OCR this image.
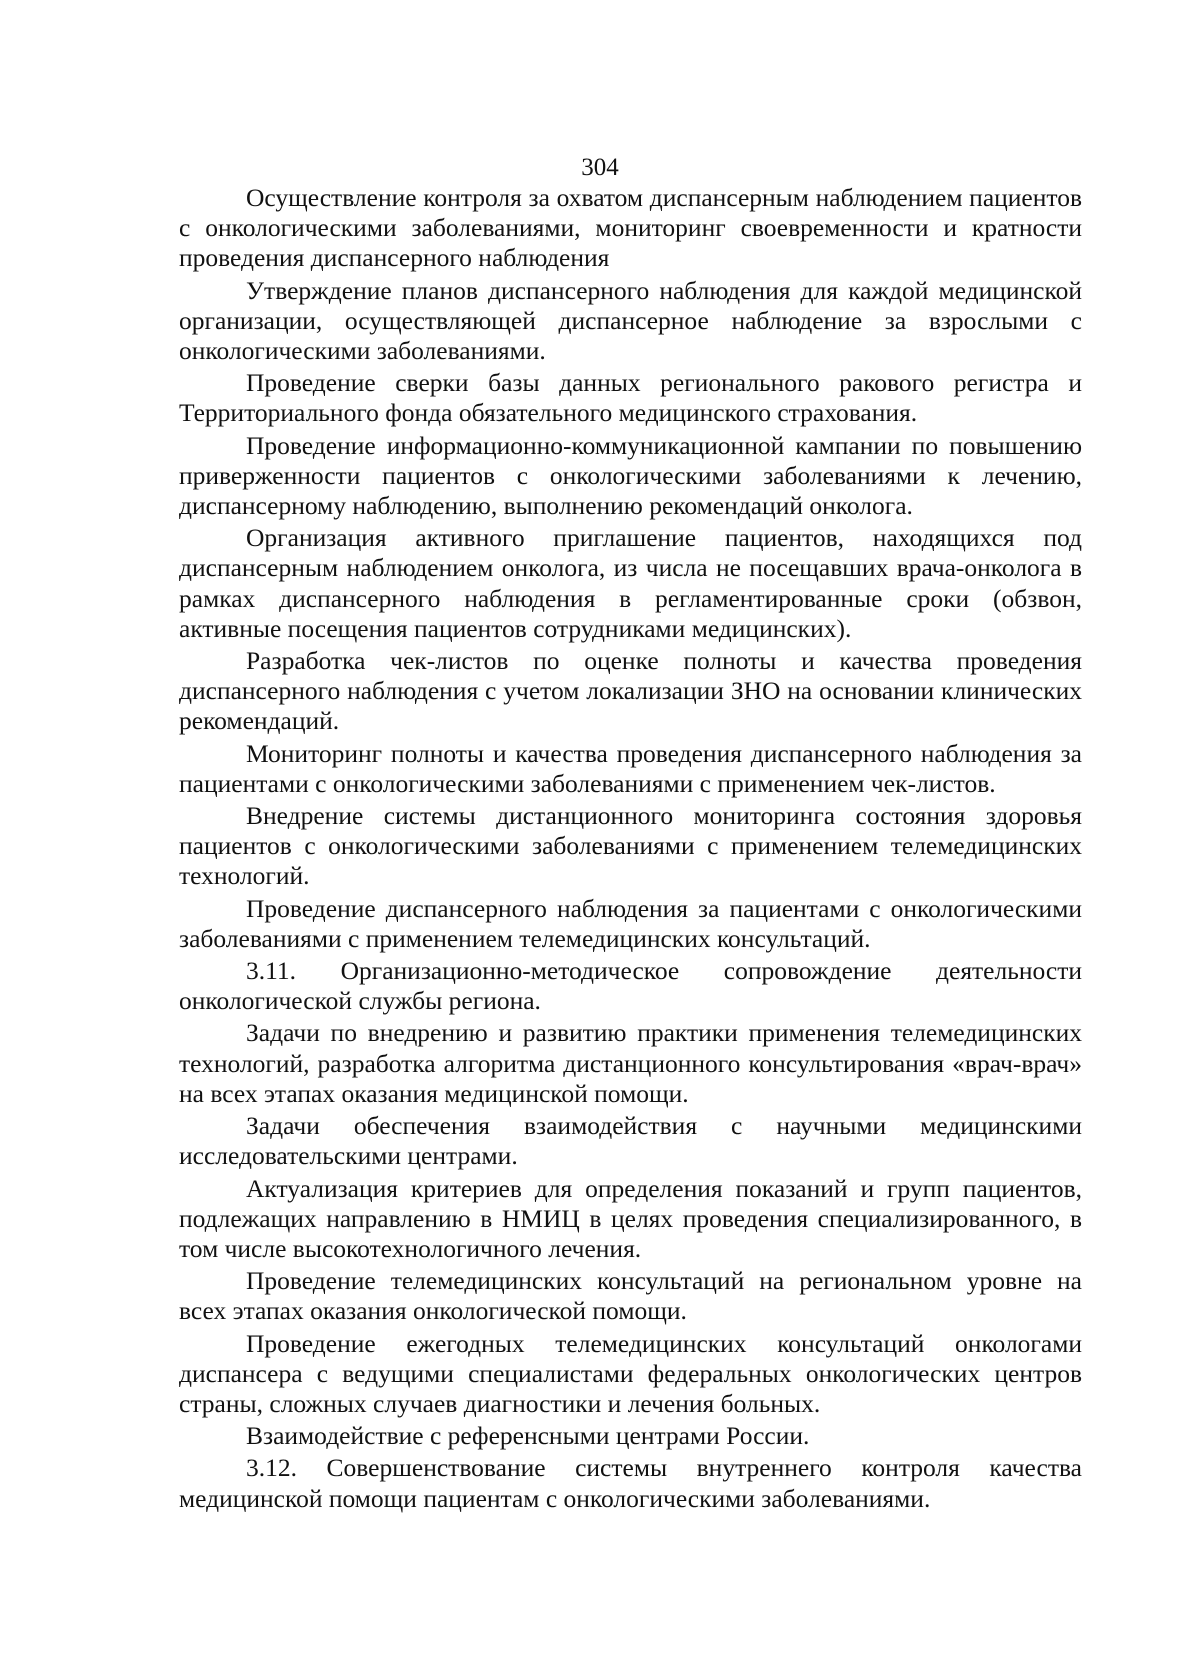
304

Осуществление контроля за охватом диспансерным наблюдением пациентов с онкологическими заболеваниями, мониторинг своевременности и кратности проведения диспансерного наблюдения

Утверждение планов диспансерного наблюдения для каждой медицинской организации, осуществляющей диспансерное наблюдение за взрослыми с онкологическими заболеваниями.

Проведение сверки базы данных регионального ракового регистра и Территориального фонда обязательного медицинского страхования.

Проведение информационно-коммуникационной кампании по повышению приверженности пациентов с онкологическими заболеваниями к лечению, диспансерному наблюдению, выполнению рекомендаций онколога.

Организация активного приглашение пациентов, находящихся под диспансерным наблюдением онколога, из числа не посещавших врача-онколога в рамках диспансерного наблюдения в регламентированные сроки (обзвон, активные посещения пациентов сотрудниками медицинских).

Разработка чек-листов по оценке полноты и качества проведения диспансерного наблюдения с учетом локализации ЗНО на основании клинических рекомендаций.

Мониторинг полноты и качества проведения диспансерного наблюдения за пациентами с онкологическими заболеваниями с применением чек-листов.

Внедрение системы дистанционного мониторинга состояния здоровья пациентов с онкологическими заболеваниями с применением телемедицинских технологий.

Проведение диспансерного наблюдения за пациентами с онкологическими заболеваниями с применением телемедицинских консультаций.

3.11. Организационно-методическое сопровождение деятельности онкологической службы региона.

Задачи по внедрению и развитию практики применения телемедицинских технологий, разработка алгоритма дистанционного консультирования «врач-врач» на всех этапах оказания медицинской помощи.

Задачи обеспечения взаимодействия с научными медицинскими исследовательскими центрами.

Актуализация критериев для определения показаний и групп пациентов, подлежащих направлению в НМИЦ в целях проведения специализированного, в том числе высокотехнологичного лечения.

Проведение телемедицинских консультаций на региональном уровне на всех этапах оказания онкологической помощи.

Проведение ежегодных телемедицинских консультаций онкологами диспансера с ведущими специалистами федеральных онкологических центров страны, сложных случаев диагностики и лечения больных.

Взаимодействие с референсными центрами России.

3.12. Совершенствование системы внутреннего контроля качества медицинской помощи пациентам с онкологическими заболеваниями.
